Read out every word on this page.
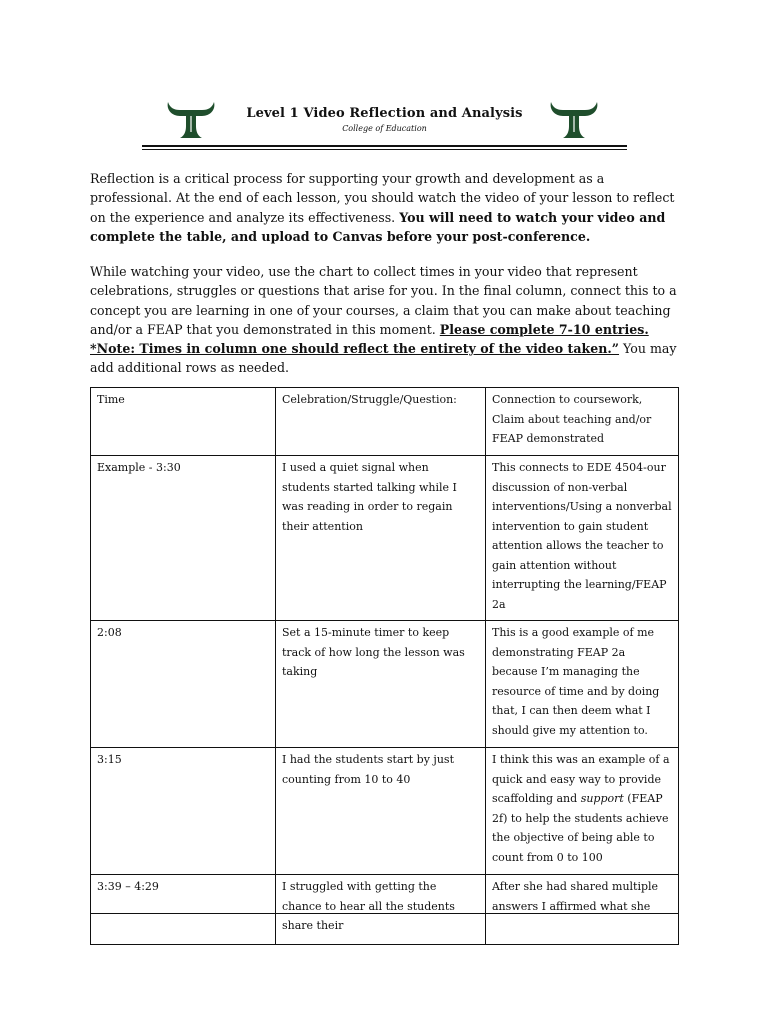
Level 1 Video Reflection and Analysis
College of Education
Reflection is a critical process for supporting your growth and development as a professional. At the end of each lesson, you should watch the video of your lesson to reflect on the experience and analyze its effectiveness. You will need to watch your video and complete the table, and upload to Canvas before your post-conference.
While watching your video, use the chart to collect times in your video that represent celebrations, struggles or questions that arise for you. In the final column, connect this to a concept you are learning in one of your courses, a claim that you can make about teaching and/or a FEAP that you demonstrated in this moment. Please complete 7-10 entries.
*Note: Times in column one should reflect the entirety of the video taken.” You may add additional rows as needed.
Time	Celebration/Struggle/Question:	Connection to coursework, Claim about teaching and/or FEAP demonstrated
Example - 3:30	I used a quiet signal when students started talking while I was reading in order to regain their attention	This connects to EDE 4504-our discussion of non-verbal interventions/Using a nonverbal intervention to gain student attention allows the teacher to gain attention without interrupting the learning/FEAP 2a
2:08	Set a 15-minute timer to keep track of how long the lesson was taking	This is a good example of me demonstrating FEAP 2a because I’m managing the resource of time and by doing that, I can then deem what I should give my attention to.
3:15	I had the students start by just counting from 10 to 40	I think this was an example of a quick and easy way to provide scaffolding and support (FEAP 2f) to help the students achieve the objective of being able to count from 0 to 100
3:39 – 4:29	I struggled with getting the chance to hear all the students share their	After she had shared multiple answers I affirmed what she
